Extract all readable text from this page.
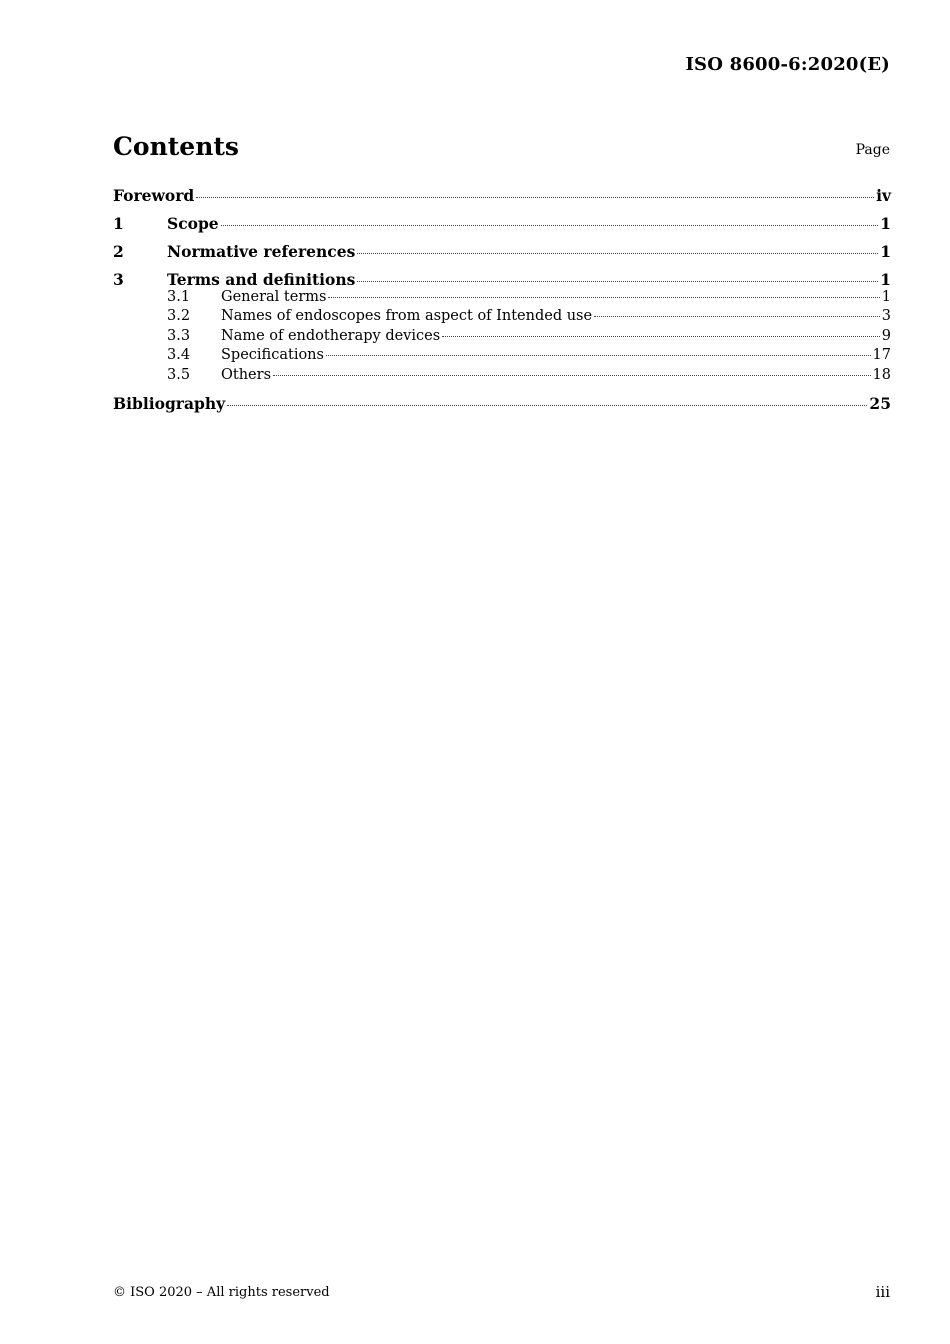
ISO 8600-6:2020(E)
Contents	Page
Foreword	iv
1	Scope	1
2	Normative references	1
3	Terms and definitions	1
3.1	General terms	1
3.2	Names of endoscopes from aspect of Intended use	3
3.3	Name of endotherapy devices	9
3.4	Specifications	17
3.5	Others	18
Bibliography	25
© ISO 2020 – All rights reserved	iii
